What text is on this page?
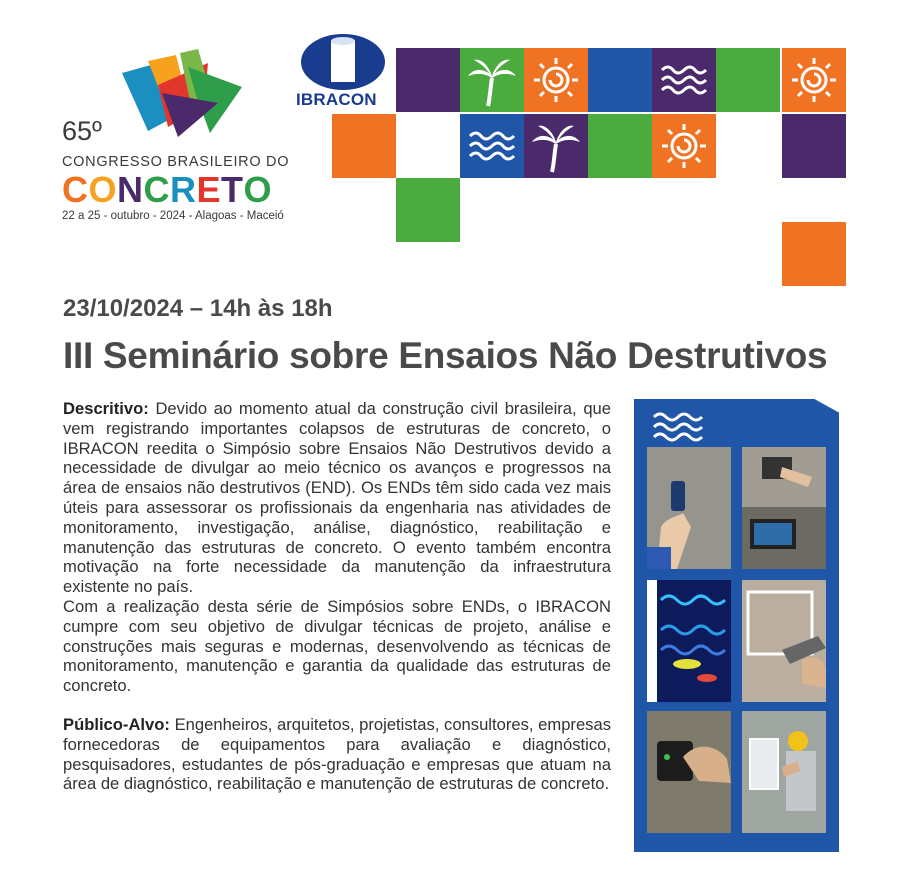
65º
CONGRESSO BRASILEIRO DO
CONCRETO
22 a 25 - outubro - 2024 - Alagoas - Maceió
IBRACON
23/10/2024 – 14h às 18h
III Seminário sobre Ensaios Não Destrutivos

Descritivo: Devido ao momento atual da construção civil brasileira, que vem registrando importantes colapsos de estruturas de concreto, o IBRACON reedita o Simpósio sobre Ensaios Não Destrutivos devido a necessidade de divulgar ao meio técnico os avanços e progressos na área de ensaios não destrutivos (END). Os ENDs têm sido cada vez mais úteis para assessorar os profissionais da engenharia nas atividades de monitoramento, investigação, análise, diagnóstico, reabilitação e manutenção das estruturas de concreto. O evento também encontra motivação na forte necessidade da manutenção da infraestrutura existente no país.

Com a realização desta série de Simpósios sobre ENDs, o IBRACON cumpre com seu objetivo de divulgar técnicas de projeto, análise e construções mais seguras e modernas, desenvolvendo as técnicas de monitoramento, manutenção e garantia da qualidade das estruturas de concreto.

Público-Alvo: Engenheiros, arquitetos, projetistas, consultores, empresas fornecedoras de equipamentos para avaliação e diagnóstico, pesquisadores, estudantes de pós-graduação e empresas que atuam na área de diagnóstico, reabilitação e manutenção de estruturas de concreto.
